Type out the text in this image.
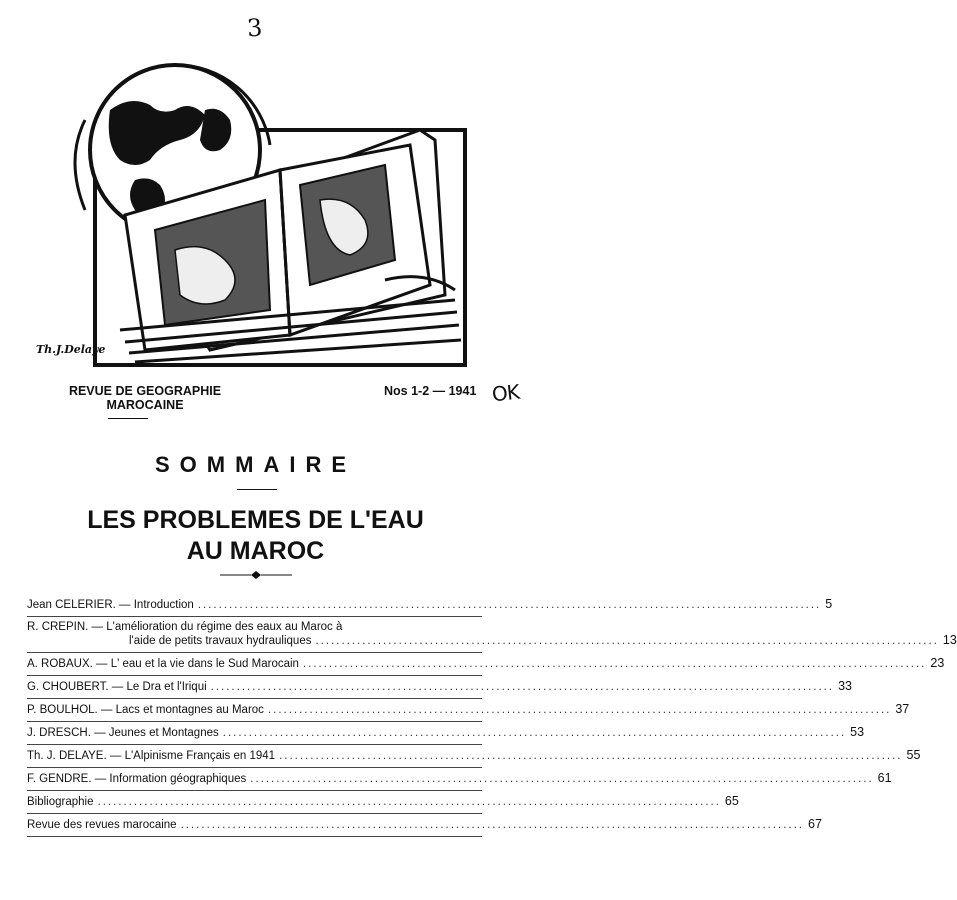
3
Th.J.Delaye
OK
REVUE DE GEOGRAPHIE
MAROCAINE
Nos 1-2 — 1941
SOMMAIRE
LES PROBLEMES DE L'EAU
AU MAROC
Jean CELERIER. — Introduction ........................................................................................................................ 5
R. CREPIN. — L'amélioration du régime des eaux au Maroc à
l'aide de petits travaux hydrauliques ........................................................................................................................ 13
A. ROBAUX. — L' eau et la vie dans le Sud Marocain ........................................................................................................................ 23
G. CHOUBERT. — Le Dra et l'Iriqui ........................................................................................................................ 33
P. BOULHOL. — Lacs et montagnes au Maroc ........................................................................................................................ 37
J. DRESCH. — Jeunes et Montagnes ........................................................................................................................ 53
Th. J. DELAYE. — L'Alpinisme Français en 1941 ........................................................................................................................ 55
F. GENDRE. — Information géographiques ........................................................................................................................ 61
Bibliographie ........................................................................................................................ 65
Revue des revues marocaine ........................................................................................................................ 67
